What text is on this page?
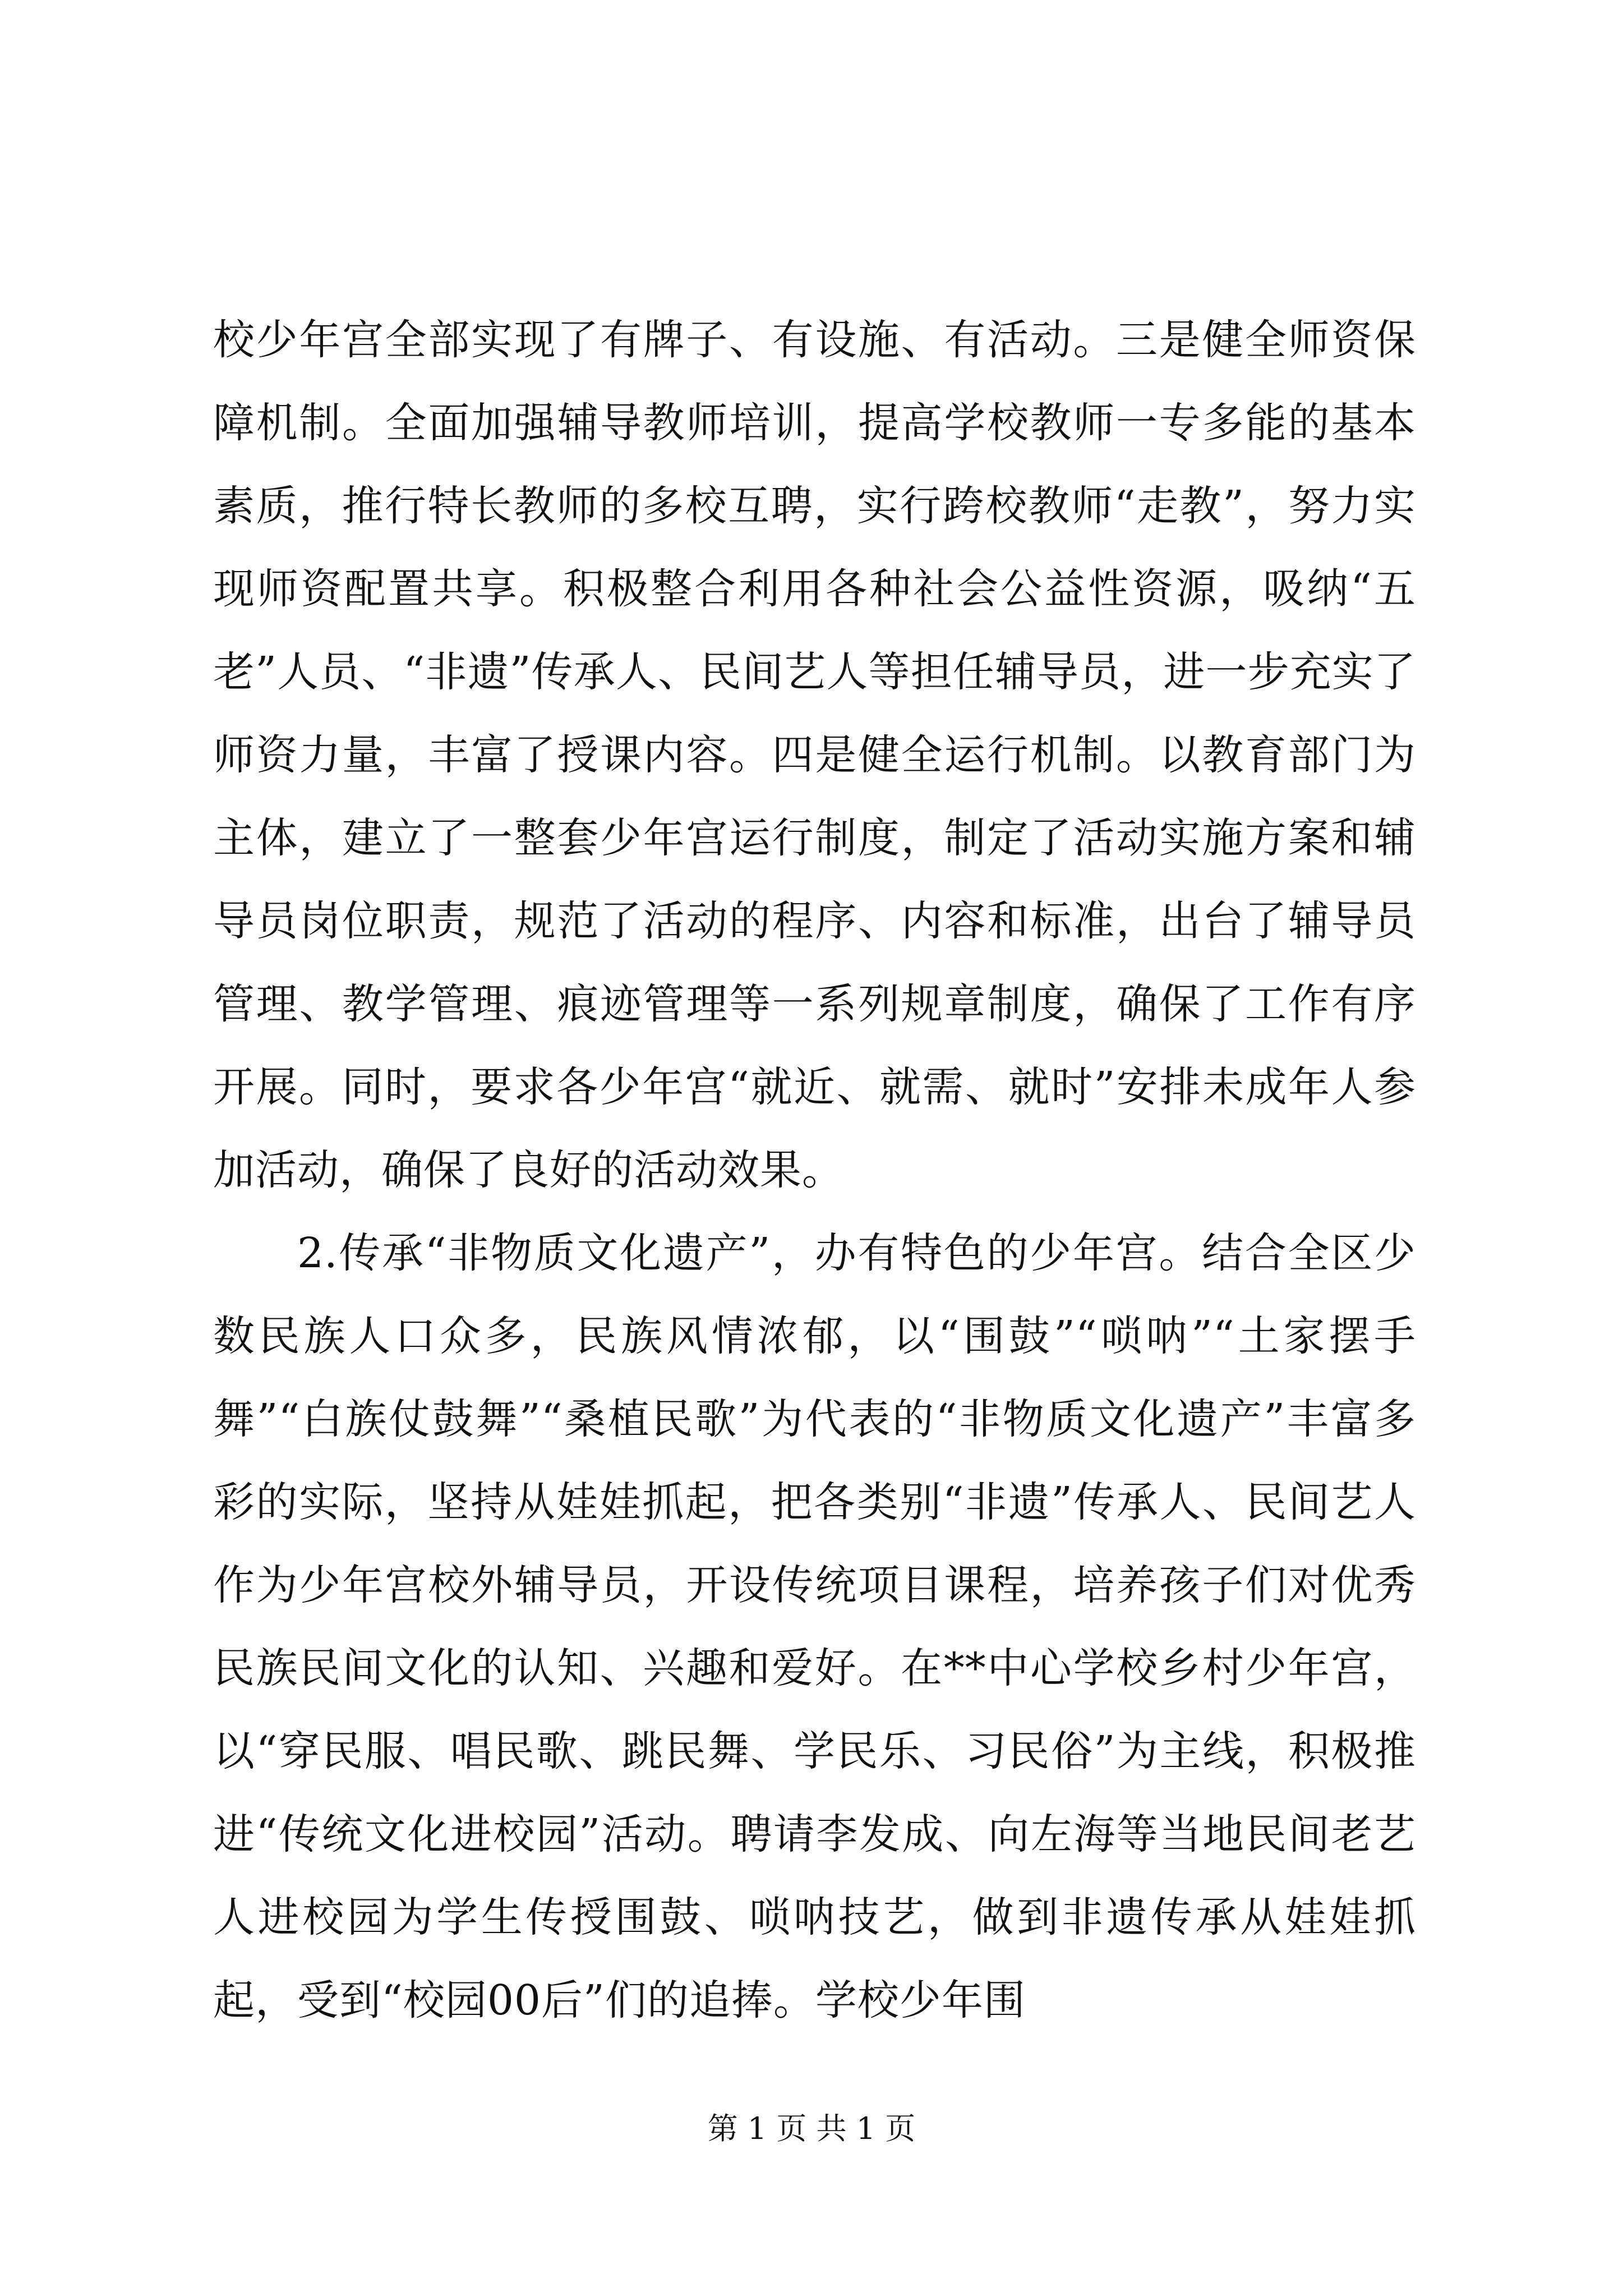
校少年宫全部实现了有牌子、有设施、有活动。三是健全师资保障机制。全面加强辅导教师培训，提高学校教师一专多能的基本素质，推行特长教师的多校互聘，实行跨校教师“走教”，努力实现师资配置共享。积极整合利用各种社会公益性资源，吸纳“五老”人员、“非遗”传承人、民间艺人等担任辅导员，进一步充实了师资力量，丰富了授课内容。四是健全运行机制。以教育部门为主体，建立了一整套少年宫运行制度，制定了活动实施方案和辅导员岗位职责，规范了活动的程序、内容和标准，出台了辅导员管理、教学管理、痕迹管理等一系列规章制度，确保了工作有序开展。同时，要求各少年宫“就近、就需、就时”安排未成年人参加活动，确保了良好的活动效果。

2.传承“非物质文化遗产”，办有特色的少年宫。结合全区少数民族人口众多，民族风情浓郁，以“围鼓”“唢呐”“土家摆手舞”“白族仗鼓舞”“桑植民歌”为代表的“非物质文化遗产”丰富多彩的实际，坚持从娃娃抓起，把各类别“非遗”传承人、民间艺人作为少年宫校外辅导员，开设传统项目课程，培养孩子们对优秀民族民间文化的认知、兴趣和爱好。在**中心学校乡村少年宫，以“穿民服、唱民歌、跳民舞、学民乐、习民俗”为主线，积极推进“传统文化进校园”活动。聘请李发成、向左海等当地民间老艺人进校园为学生传授围鼓、唢呐技艺，做到非遗传承从娃娃抓起，受到“校园00后”们的追捧。学校少年围

第 1 页 共 1 页
